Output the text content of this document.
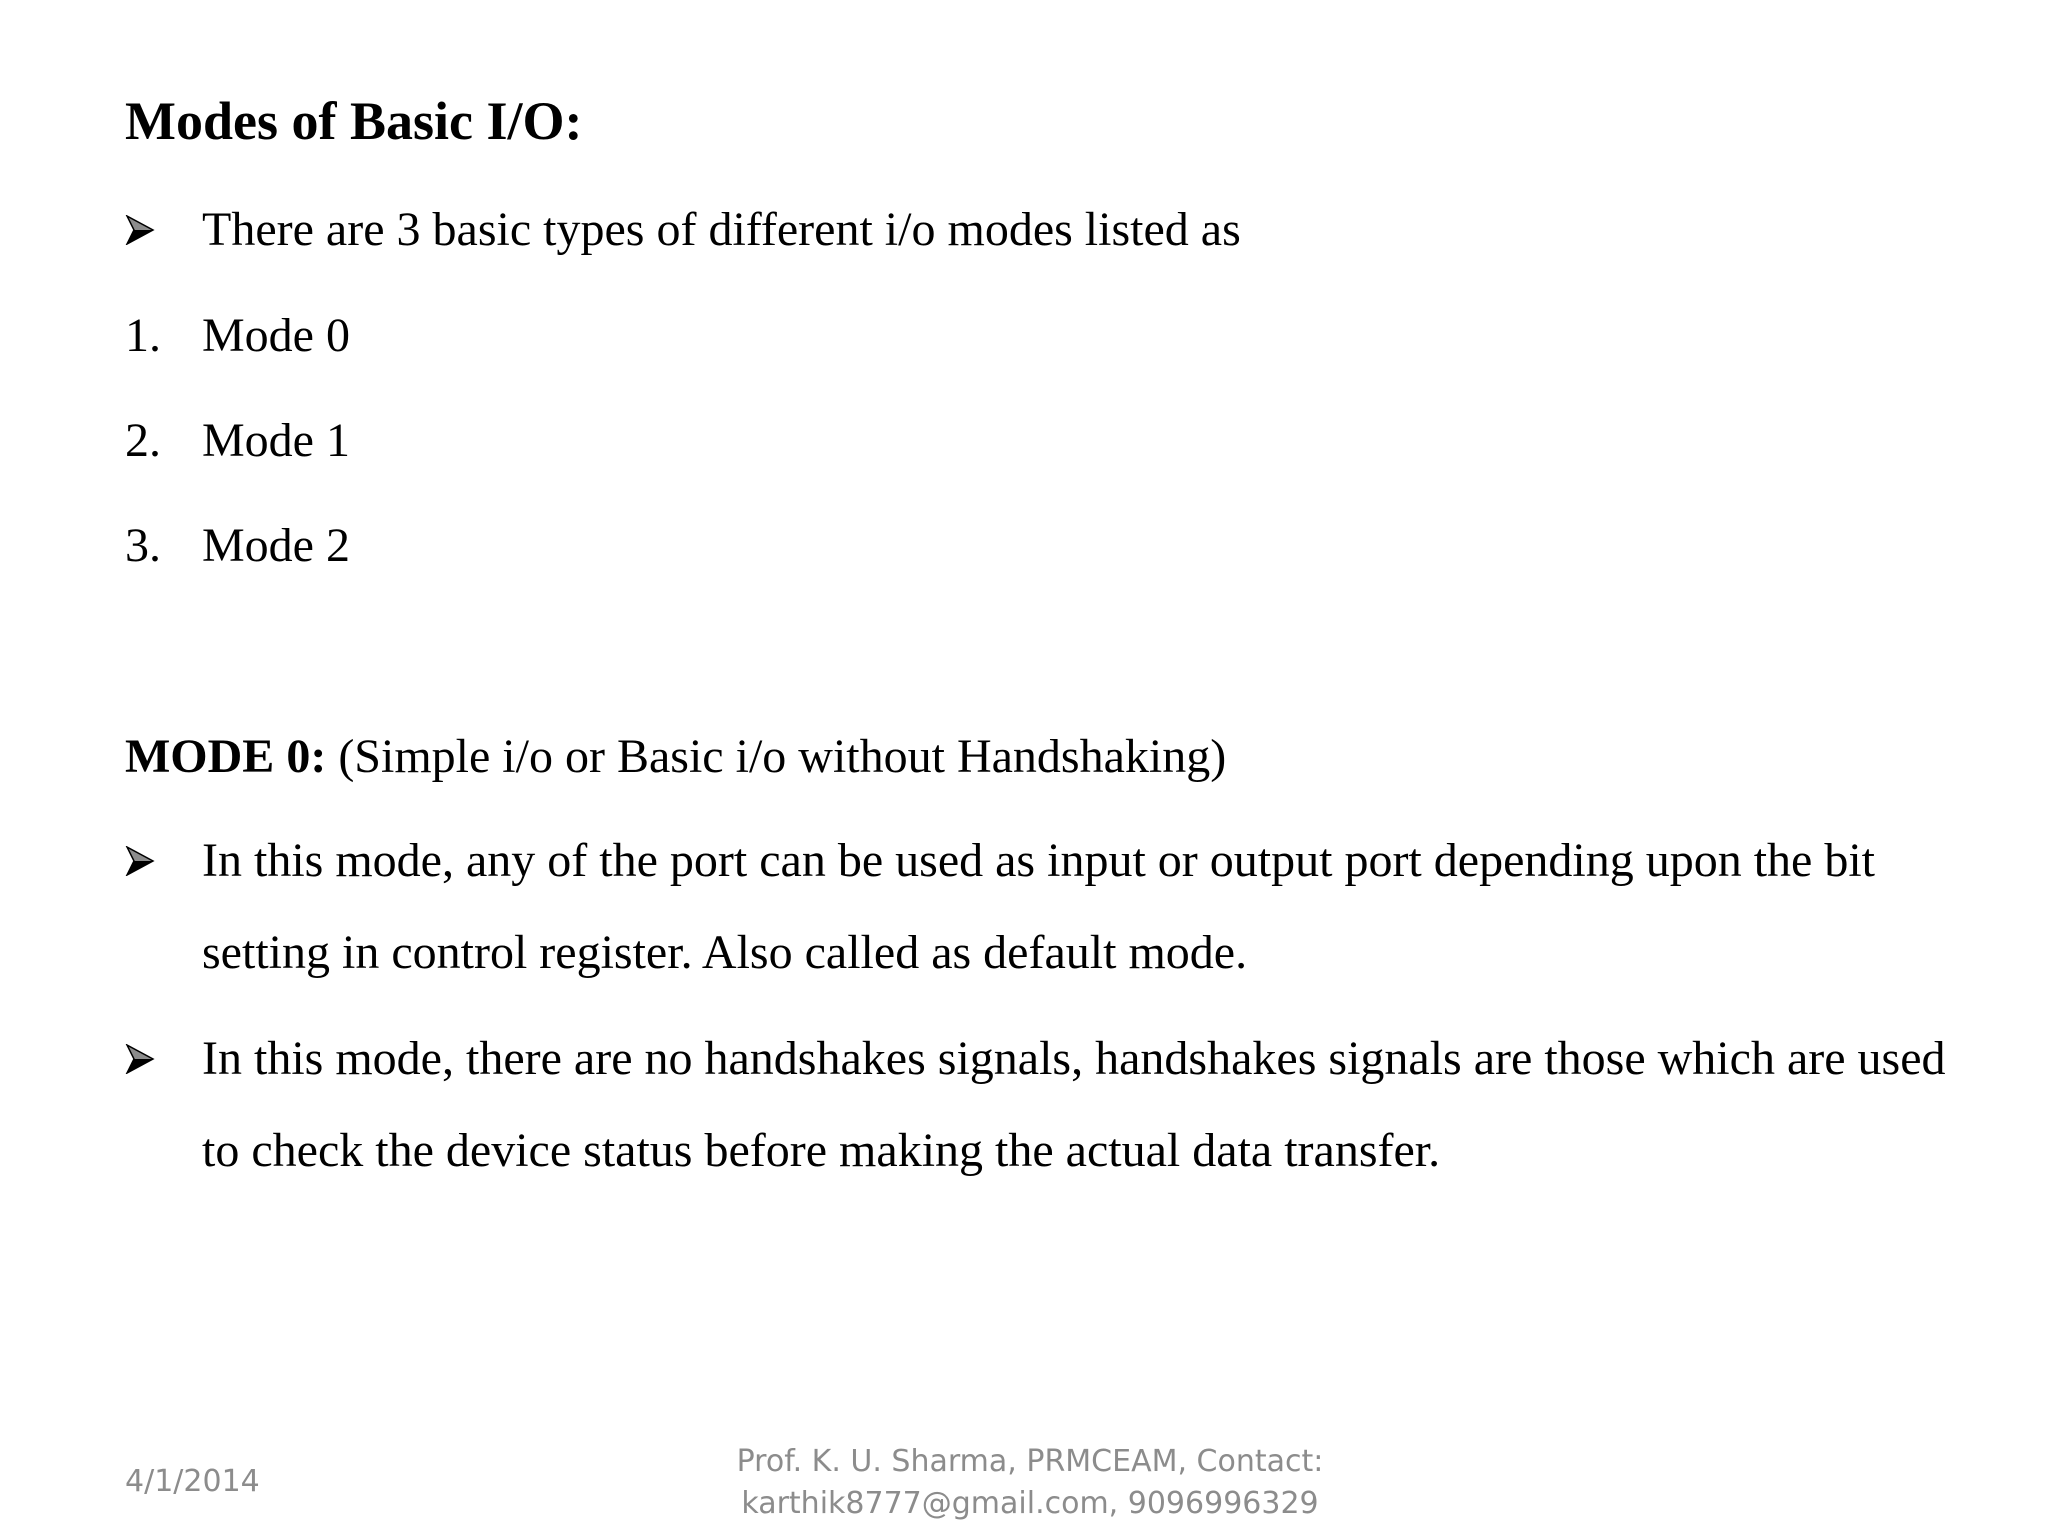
Modes of Basic I/O:
There are 3 basic types of different i/o modes listed as
1. Mode 0
2. Mode 1
3. Mode 2
MODE 0: (Simple i/o or Basic i/o without Handshaking)
In this mode, any of the port can be used as input or output port depending upon the bit setting in control register. Also called as default mode.
In this mode, there are no handshakes signals, handshakes signals are those which are used to check the device status before making the actual data transfer.
4/1/2014
Prof. K. U. Sharma, PRMCEAM, Contact:
karthik8777@gmail.com, 9096996329
